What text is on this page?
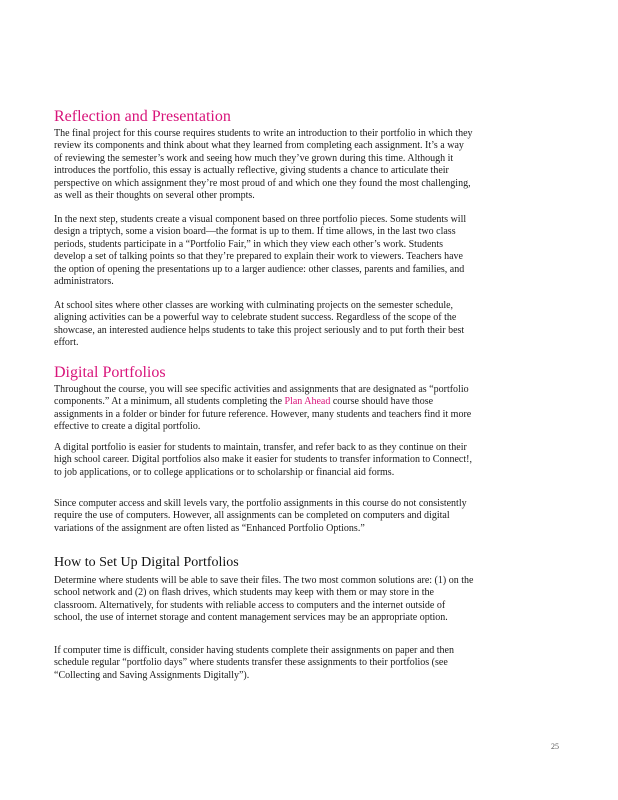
Reflection and Presentation

The final project for this course requires students to write an introduction to their portfolio in which they review its components and think about what they learned from completing each assignment. It’s a way of reviewing the semester’s work and seeing how much they’ve grown during this time. Although it introduces the portfolio, this essay is actually reflective, giving students a chance to articulate their perspective on which assignment they’re most proud of and which one they found the most challenging, as well as their thoughts on several other prompts.

In the next step, students create a visual component based on three portfolio pieces. Some students will design a triptych, some a vision board—the format is up to them. If time allows, in the last two class periods, students participate in a “Portfolio Fair,” in which they view each other’s work. Students develop a set of talking points so that they’re prepared to explain their work to viewers. Teachers have the option of opening the presentations up to a larger audience: other classes, parents and families, and administrators.

At school sites where other classes are working with culminating projects on the semester schedule, aligning activities can be a powerful way to celebrate student success. Regardless of the scope of the showcase, an interested audience helps students to take this project seriously and to put forth their best effort.

Digital Portfolios

Throughout the course, you will see specific activities and assignments that are designated as “portfolio components.” At a minimum, all students completing the Plan Ahead course should have those assignments in a folder or binder for future reference. However, many students and teachers find it more effective to create a digital portfolio.

A digital portfolio is easier for students to maintain, transfer, and refer back to as they continue on their high school career. Digital portfolios also make it easier for students to transfer information to Connect!, to job applications, or to college applications or to scholarship or financial aid forms.

Since computer access and skill levels vary, the portfolio assignments in this course do not consistently require the use of computers. However, all assignments can be completed on computers and digital variations of the assignment are often listed as “Enhanced Portfolio Options.”

How to Set Up Digital Portfolios

Determine where students will be able to save their files. The two most common solutions are: (1) on the school network and (2) on flash drives, which students may keep with them or may store in the classroom. Alternatively, for students with reliable access to computers and the internet outside of school, the use of internet storage and content management services may be an appropriate option.

If computer time is difficult, consider having students complete their assignments on paper and then schedule regular “portfolio days” where students transfer these assignments to their portfolios (see “Collecting and Saving Assignments Digitally”).

25
